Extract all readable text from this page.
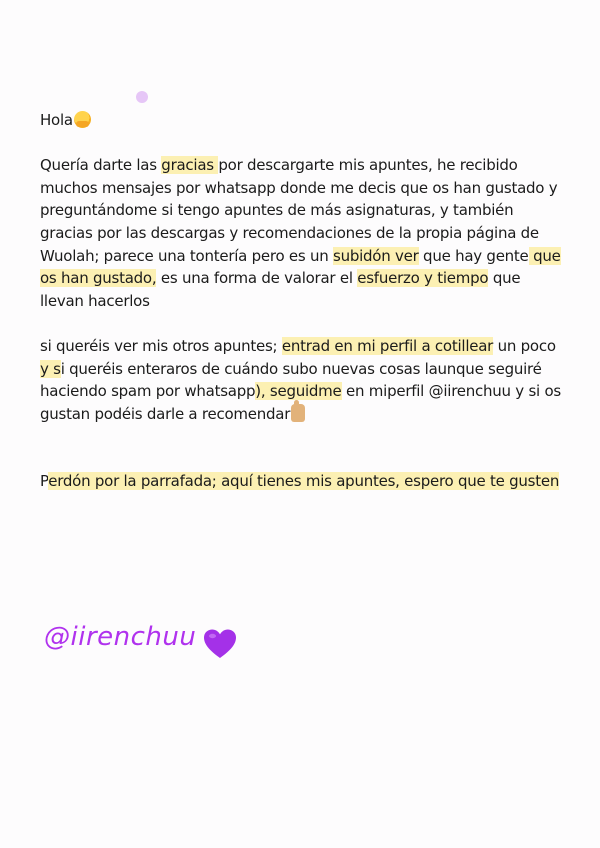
Hola

Quería darte las gracias por descargarte mis apuntes, he recibido muchos mensajes por whatsapp donde me decis que os han gustado y preguntándome si tengo apuntes de más asignaturas, y también gracias por las descargas y recomendaciones de la propia página de Wuolah; parece una tontería pero es un subidón ver que hay gente que os han gustado, es una forma de valorar el esfuerzo y tiempo que llevan hacerlos

si queréis ver mis otros apuntes; entrad en mi perfil a cotillear un poco y si queréis enteraros de cuándo subo nuevas cosas launque seguiré haciendo spam por whatsapp), seguidme en miperfil @iirenchuu y si os gustan podéis darle a recomendar

Perdón por la parrafada; aquí tienes mis apuntes, espero que te gusten

@iirenchuu
